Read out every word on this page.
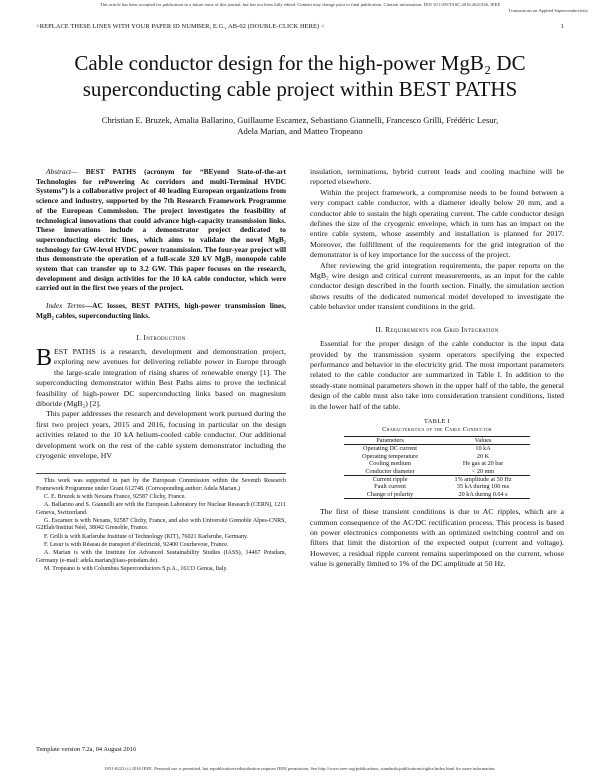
This article has been accepted for publication in a future issue of this journal, but has not been fully edited. Content may change prior to final publication. Citation information: DOI 10.1109/TASC.2016.2641336, IEEE
Transactions on Applied Superconductivity
>REPLACE THESE LINES WITH YOUR PAPER ID NUMBER, E.G., AB-02 (DOUBLE-CLICK HERE) <	1
Cable conductor design for the high-power MgB₂ DC
superconducting cable project within BEST PATHS
Christian E. Bruzek, Amalia Ballarino, Guillaume Escamez, Sebastiano Giannelli, Francesco Grilli, Frédéric Lesur,
Adela Marian, and Matteo Tropeano
Abstract— BEST PATHS (acronym for “BEyond State-of-the-art Technologies for rePowering Ac corridors and multi-Terminal HVDC Systems”) is a collaborative project of 40 leading European organizations from science and industry, supported by the 7th Research Framework Programme of the European Commission. The project investigates the feasibility of technological innovations that could advance high-capacity transmission links. These innovations include a demonstrator project dedicated to superconducting electric lines, which aims to validate the novel MgB₂ technology for GW-level HVDC power transmission. The four-year project will thus demonstrate the operation of a full-scale 320 kV MgB₂ monopole cable system that can transfer up to 3.2 GW. This paper focuses on the research, development and design activities for the 10 kA cable conductor, which were carried out in the first two years of the project.
Index Terms—AC losses, BEST PATHS, high-power transmission lines, MgB₂ cables, superconducting links.
I. Introduction

BEST PATHS is a research, development and demonstration project, exploring new avenues for delivering reliable power in Europe through the large-scale integration of rising shares of renewable energy [1]. The superconducting demonstrator within Best Paths aims to prove the technical feasibility of high-power DC superconducting links based on magnesium diboride (MgB₂) [2].

This paper addresses the research and development work pursued during the first two project years, 2015 and 2016, focusing in particular on the design activities related to the 10 kA helium-cooled cable conductor. Our additional development work on the rest of the cable system demonstrator including the cryogenic envelope, HV

This work was supported in part by the European Commission within the Seventh Research Framework Programme under Grant 612748. (Corresponding author: Adela Marian.)

C. E. Bruzek is with Nexans France, 92587 Clichy, France.

A. Ballarino and S. Giannelli are with the European Laboratory for Nuclear Research (CERN), 1211 Geneva, Switzerland.

G. Escamez is with Nexans, 92587 Clichy, France, and also with Université Grenoble Alpes-CNRS, G2Elab/Institut Néel, 38042 Grenoble, France.

F. Grilli is with Karlsruhe Institute of Technology (KIT), 76021 Karlsruhe, Germany.

F. Lesur is with Réseau de transport d’électricité, 92400 Courbevoie, France.

A. Marian is with the Institute for Advanced Sustainability Studies (IASS), 14467 Potsdam, Germany (e-mail: adela.marian@iass-potsdam.de).

M. Tropeano is with Columbus Superconductors S.p.A., 16133 Genoa, Italy.

insulation, terminations, hybrid current leads and cooling machine will be reported elsewhere.

Within the project framework, a compromise needs to be found between a very compact cable conductor, with a diameter ideally below 20 mm, and a conductor able to sustain the high operating current. The cable conductor design defines the size of the cryogenic envelope, which in turn has an impact on the entire cable system, whose assembly and installation is planned for 2017. Moreover, the fulfillment of the requirements for the grid integration of the demonstrator is of key importance for the success of the project.

After reviewing the grid integration requirements, the paper reports on the MgB₂ wire design and critical current measurements, as an input for the cable conductor design described in the fourth section. Finally, the simulation section shows results of the dedicated numerical model developed to investigate the cable behavior under transient conditions in the grid.

II. Requirements for Grid Integration

Essential for the proper design of the cable conductor is the input data provided by the transmission system operators specifying the expected performance and behavior in the electricity grid. The most important parameters related to the cable conductor are summarized in Table I. In addition to the steady-state nominal parameters shown in the upper half of the table, the general design of the cable must also take into consideration transient conditions, listed in the lower half of the table.

TABLE I
Characteristics of the Cable Conductor
Parameters	Values
Operating DC current	10 kA
Operating temperature	20 K
Cooling medium	He gas at 20 bar
Conductor diameter	< 20 mm
Current ripple	1% amplitude at 50 Hz
Fault current	35 kA during 100 ms
Change of polarity	20 kA during 0.64 s

The first of these transient conditions is due to AC ripples, which are a common consequence of the AC/DC rectification process. This process is based on power electronics components with an optimized switching control and on filters that limit the distortion of the expected output (current and voltage). However, a residual ripple current remains superimposed on the current, whose value is generally limited to 1% of the DC amplitude at 50 Hz.

Template version 7.2a, 04 August 2016
1051-8223 (c) 2016 IEEE. Personal use is permitted, but republication/redistribution requires IEEE permission. See http://www.ieee.org/publications_standards/publications/rights/index.html for more information.
